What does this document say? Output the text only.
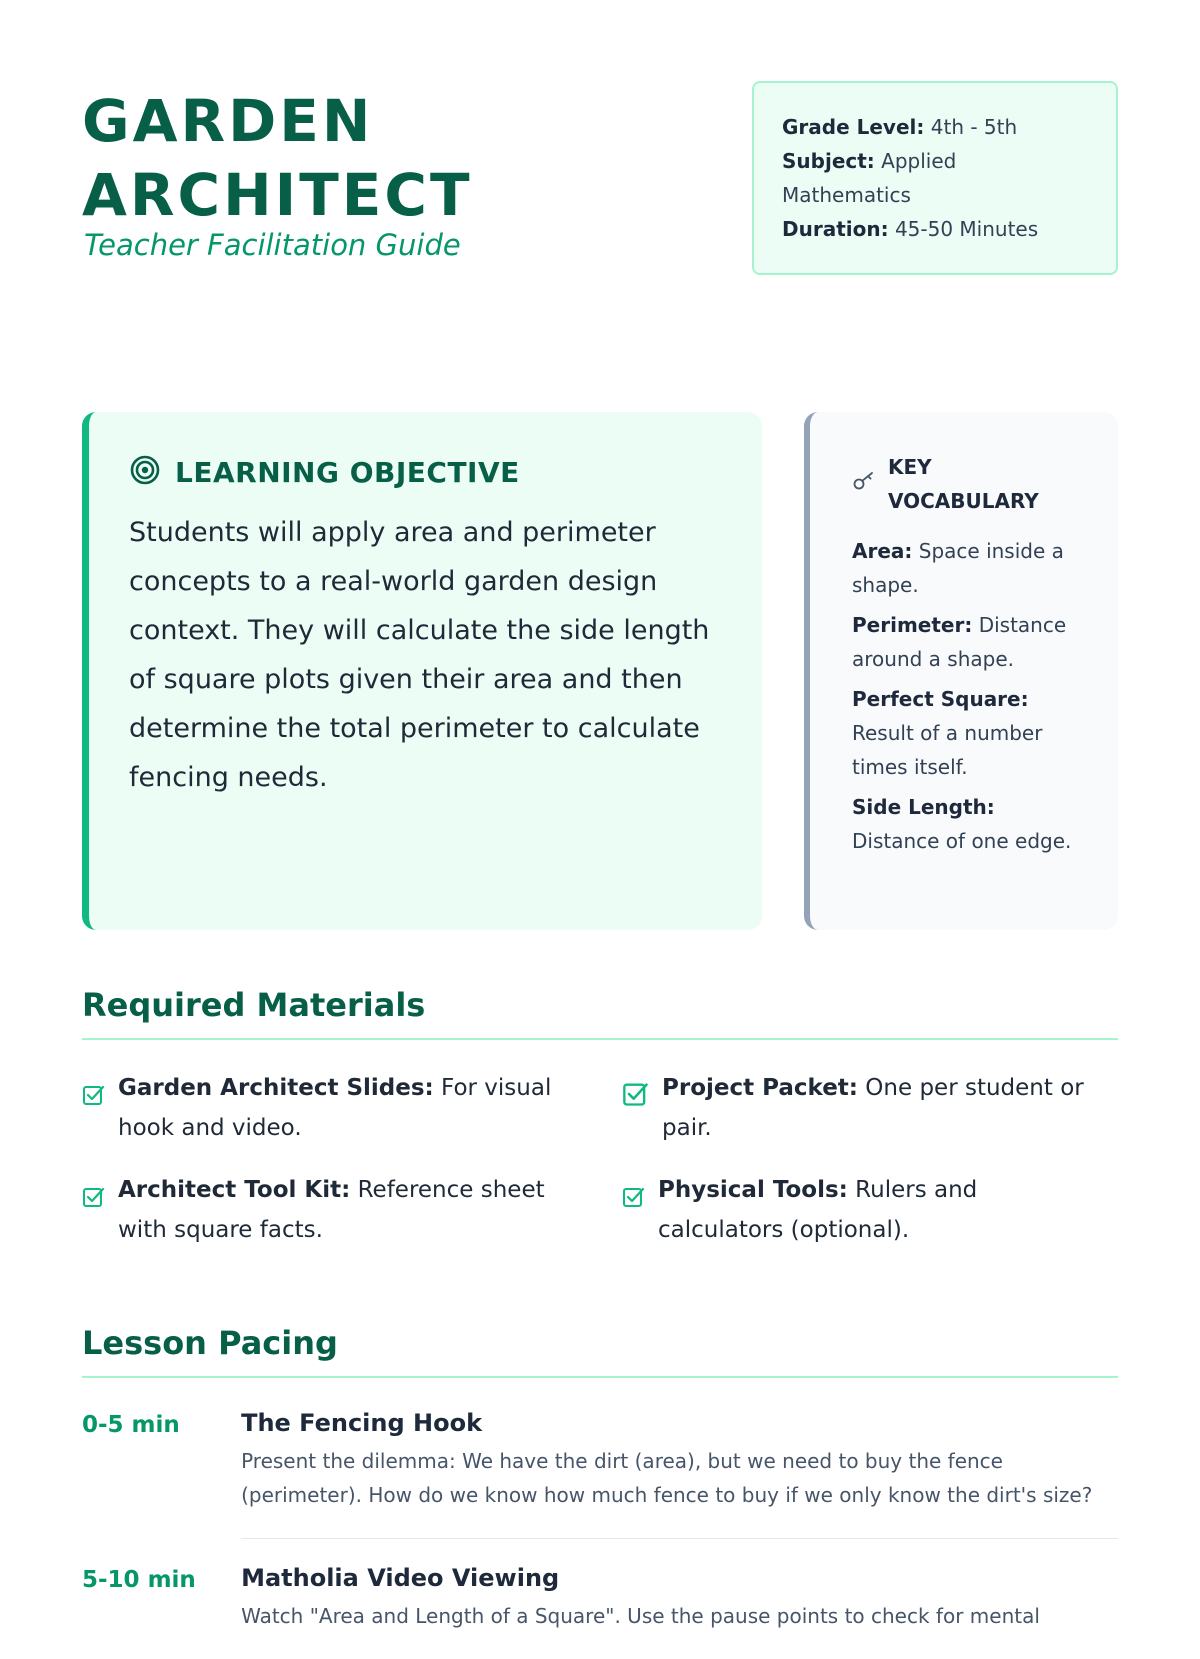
GARDEN
ARCHITECT
Teacher Facilitation Guide
Grade Level: 4th - 5th
Subject: Applied Mathematics
Duration: 45-50 Minutes
LEARNING OBJECTIVE

Students will apply area and perimeter concepts to a real-world garden design context. They will calculate the side length of square plots given their area and then determine the total perimeter to calculate fencing needs.

KEY VOCABULARY
Area: Space inside a shape.
Perimeter: Distance around a shape.
Perfect Square: Result of a number times itself.
Side Length: Distance of one edge.
Required Materials
Garden Architect Slides: For visual hook and video.
Project Packet: One per student or pair.
Architect Tool Kit: Reference sheet with square facts.
Physical Tools: Rulers and calculators (optional).
Lesson Pacing
0-5 min	The Fencing Hook
Present the dilemma: We have the dirt (area), but we need to buy the fence (perimeter). How do we know how much fence to buy if we only know the dirt's size?
5-10 min	Matholia Video Viewing
Watch "Area and Length of a Square". Use the pause points to check for mental
